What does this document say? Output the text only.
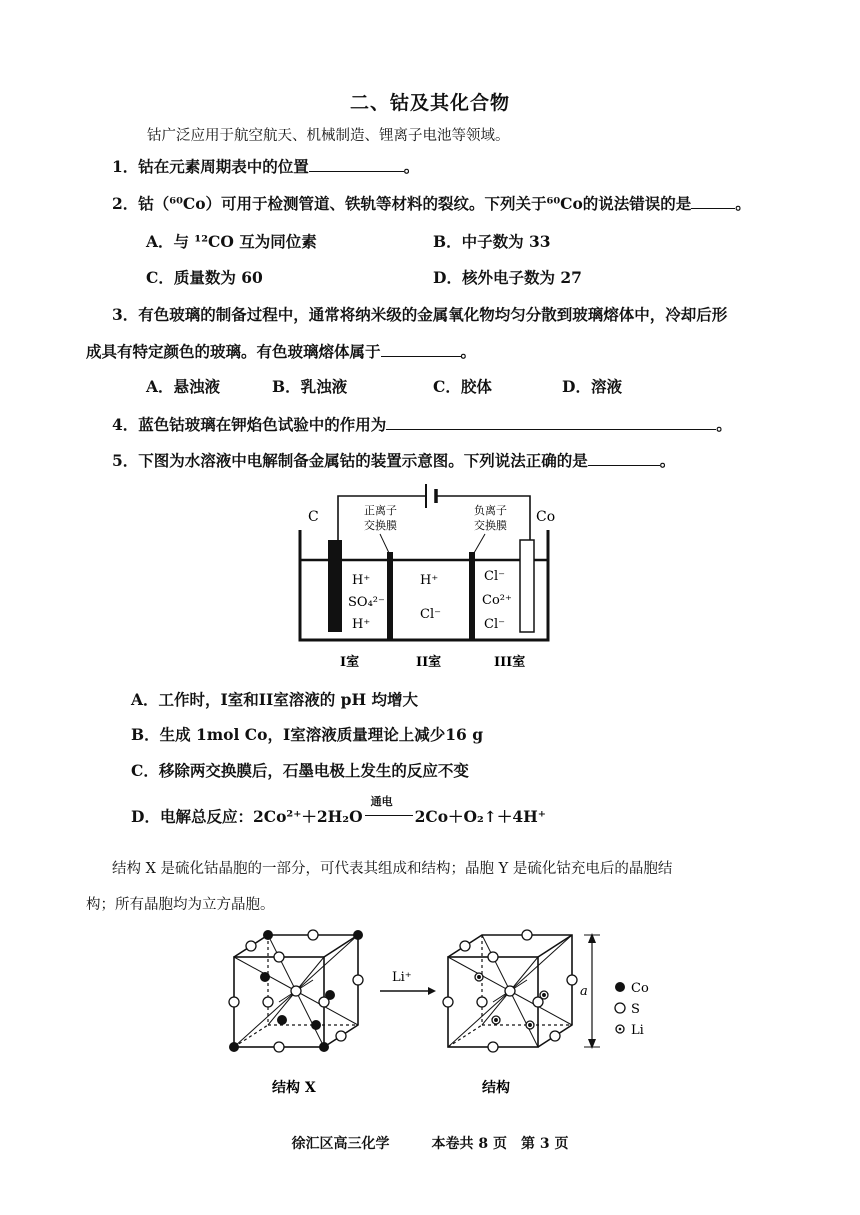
二、钴及其化合物
钴广泛应用于航空航天、机械制造、锂离子电池等领域。
1．钴在元素周期表中的位置	。
2．钴（⁶⁰Co）可用于检测管道、铁轨等材料的裂纹。下列关于⁶⁰Co的说法错误的是	。
A．与 ¹²CO 互为同位素	B．中子数为 33
C．质量数为 60	D．核外电子数为 27
3．有色玻璃的制备过程中，通常将纳米级的金属氧化物均匀分散到玻璃熔体中，冷却后形
成具有特定颜色的玻璃。有色玻璃熔体属于	。
A．悬浊液	B．乳浊液	C．胶体	D．溶液
4．蓝色钴玻璃在钾焰色试验中的作用为	。
5．下图为水溶液中电解制备金属钴的装置示意图。下列说法正确的是	。
C	Co
正离子
交换膜
负离子
交换膜
H⁺
SO₄²⁻
H⁺
H⁺
Cl⁻
Cl⁻
Co²⁺
Cl⁻
I室	II室	III室
A．工作时，I室和II室溶液的 pH 均增大
B．生成 1mol Co，I室溶液质量理论上减少16 g
C．移除两交换膜后，石墨电极上发生的反应不变
D．电解总反应：2Co²⁺＋2H₂O
通电
2Co＋O₂↑＋4H⁺
结构 X 是硫化钴晶胞的一部分，可代表其组成和结构；晶胞 Y 是硫化钴充电后的晶胞结
构；所有晶胞均为立方晶胞。
Li⁺
a	Co
S
Li
结构 X	结构
徐汇区高三化学　　　本卷共 8 页　第 3 页
